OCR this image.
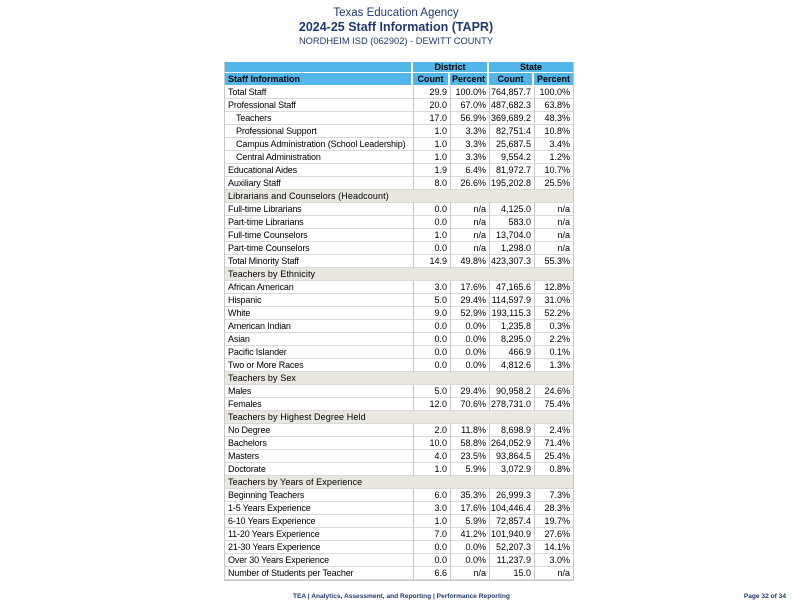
Texas Education Agency
2024-25 Staff Information (TAPR)
NORDHEIM ISD (062902) - DEWITT COUNTY
District	State
Staff Information	Count Percent	Count	Percent
Total Staff	29.9 100.0% 764,857.7 100.0%
Professional Staff	20.0	67.0% 487,682.3	63.8%
Teachers	17.0	56.9% 369,689.2	48.3%
Professional Support	1.0	3.3%	82,751.4	10.8%
Campus Administration (School Leadership)	1.0	3.3%	25,687.5	3.4%
Central Administration	1.0	3.3%	9,554.2	1.2%
Educational Aides	1.9	6.4%	81,972.7	10.7%
Auxiliary Staff	8.0	26.6% 195,202.8	25.5%
Librarians and Counselors (Headcount)
Full-time Librarians	0.0	n/a	4,125.0	n/a
Part-time Librarians	0.0	n/a	583.0	n/a
Full-time Counselors	1.0	n/a	13,704.0	n/a
Part-time Counselors	0.0	n/a	1,298.0	n/a
Total Minority Staff	14.9	49.8% 423,307.3	55.3%
Teachers by Ethnicity
African American	3.0	17.6%	47,165.6	12.8%
Hispanic	5.0	29.4% 114,597.9	31.0%
White	9.0	52.9% 193,115.3	52.2%
American Indian	0.0	0.0%	1,235.8	0.3%
Asian	0.0	0.0%	8,295.0	2.2%
Pacific Islander	0.0	0.0%	466.9	0.1%
Two or More Races	0.0	0.0%	4,812.6	1.3%
Teachers by Sex
Males	5.0	29.4%	90,958.2	24.6%
Females	12.0	70.6% 278,731.0	75.4%
Teachers by Highest Degree Held
No Degree	2.0	11.8%	8,698.9	2.4%
Bachelors	10.0	58.8% 264,052.9	71.4%
Masters	4.0	23.5%	93,864.5	25.4%
Doctorate	1.0	5.9%	3,072.9	0.8%
Teachers by Years of Experience
Beginning Teachers	6.0	35.3%	26,999.3	7.3%
1-5 Years Experience	3.0	17.6% 104,446.4	28.3%
6-10 Years Experience	1.0	5.9%	72,857.4	19.7%
11-20 Years Experience	7.0	41.2% 101,940.9	27.6%
21-30 Years Experience	0.0	0.0%	52,207.3	14.1%
Over 30 Years Experience	0.0	0.0%	11,237.9	3.0%
Number of Students per Teacher	6.6	n/a	15.0	n/a
TEA | Analytics, Assessment, and Reporting | Performance Reporting	Page 32 of 34
